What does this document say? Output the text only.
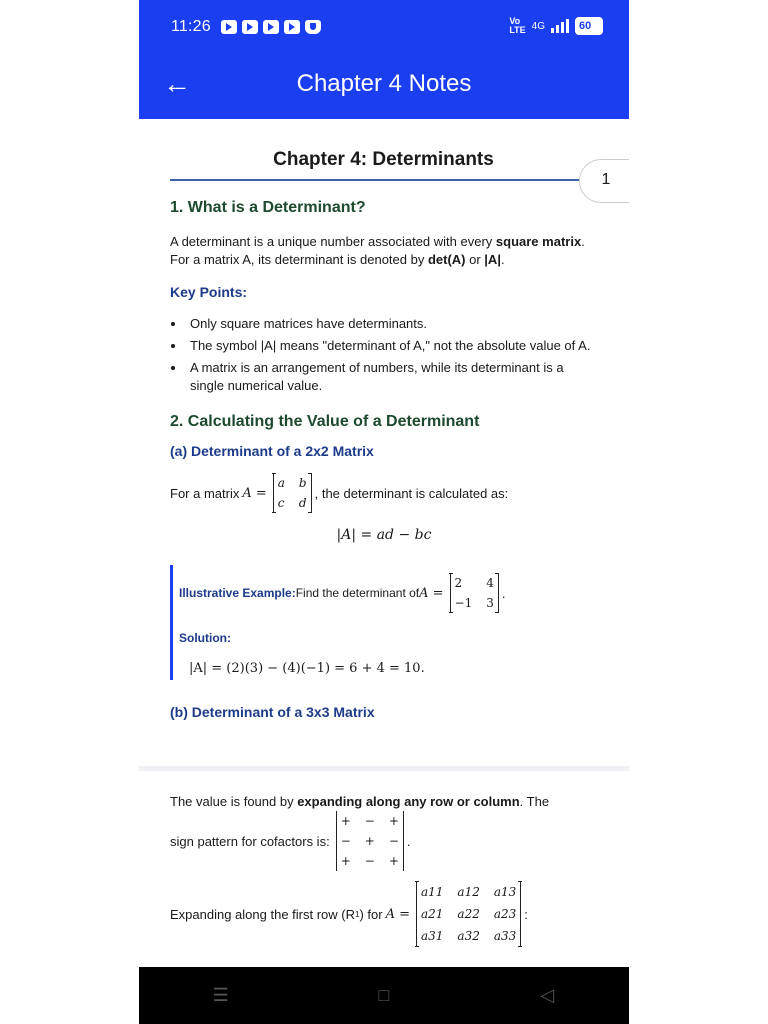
11:26	Vo
LTE 4G	60
←	Chapter 4 Notes
1
Chapter 4: Determinants
1. What is a Determinant?

A determinant is a unique number associated with every square matrix. For a matrix A, its determinant is denoted by det(A) or |A|.

Key Points:
• Only square matrices have determinants.
• The symbol |A| means "determinant of A," not the absolute value of A.
• A matrix is an arrangement of numbers, while its determinant is a single numerical value.
2. Calculating the Value of a Determinant
(a) Determinant of a 2x2 Matrix
For a matrix A =
a b
c d
, the determinant is calculated as:
|A| = ad − bc
Illustrative Example: Find the determinant of A =
2 4
−1 3
.
Solution:
|A| = (2)(3) − (4)(−1) = 6 + 4 = 10.
(b) Determinant of a 3x3 Matrix

The value is found by expanding along any row or column. The

sign pattern for cofactors is:
+ − +
− + −
+ − +
.
Expanding along the first row (R 1 ) for A =
a11 a12 a13
a21 a22 a23
a31 a32 a33
:
☰	□	◁
